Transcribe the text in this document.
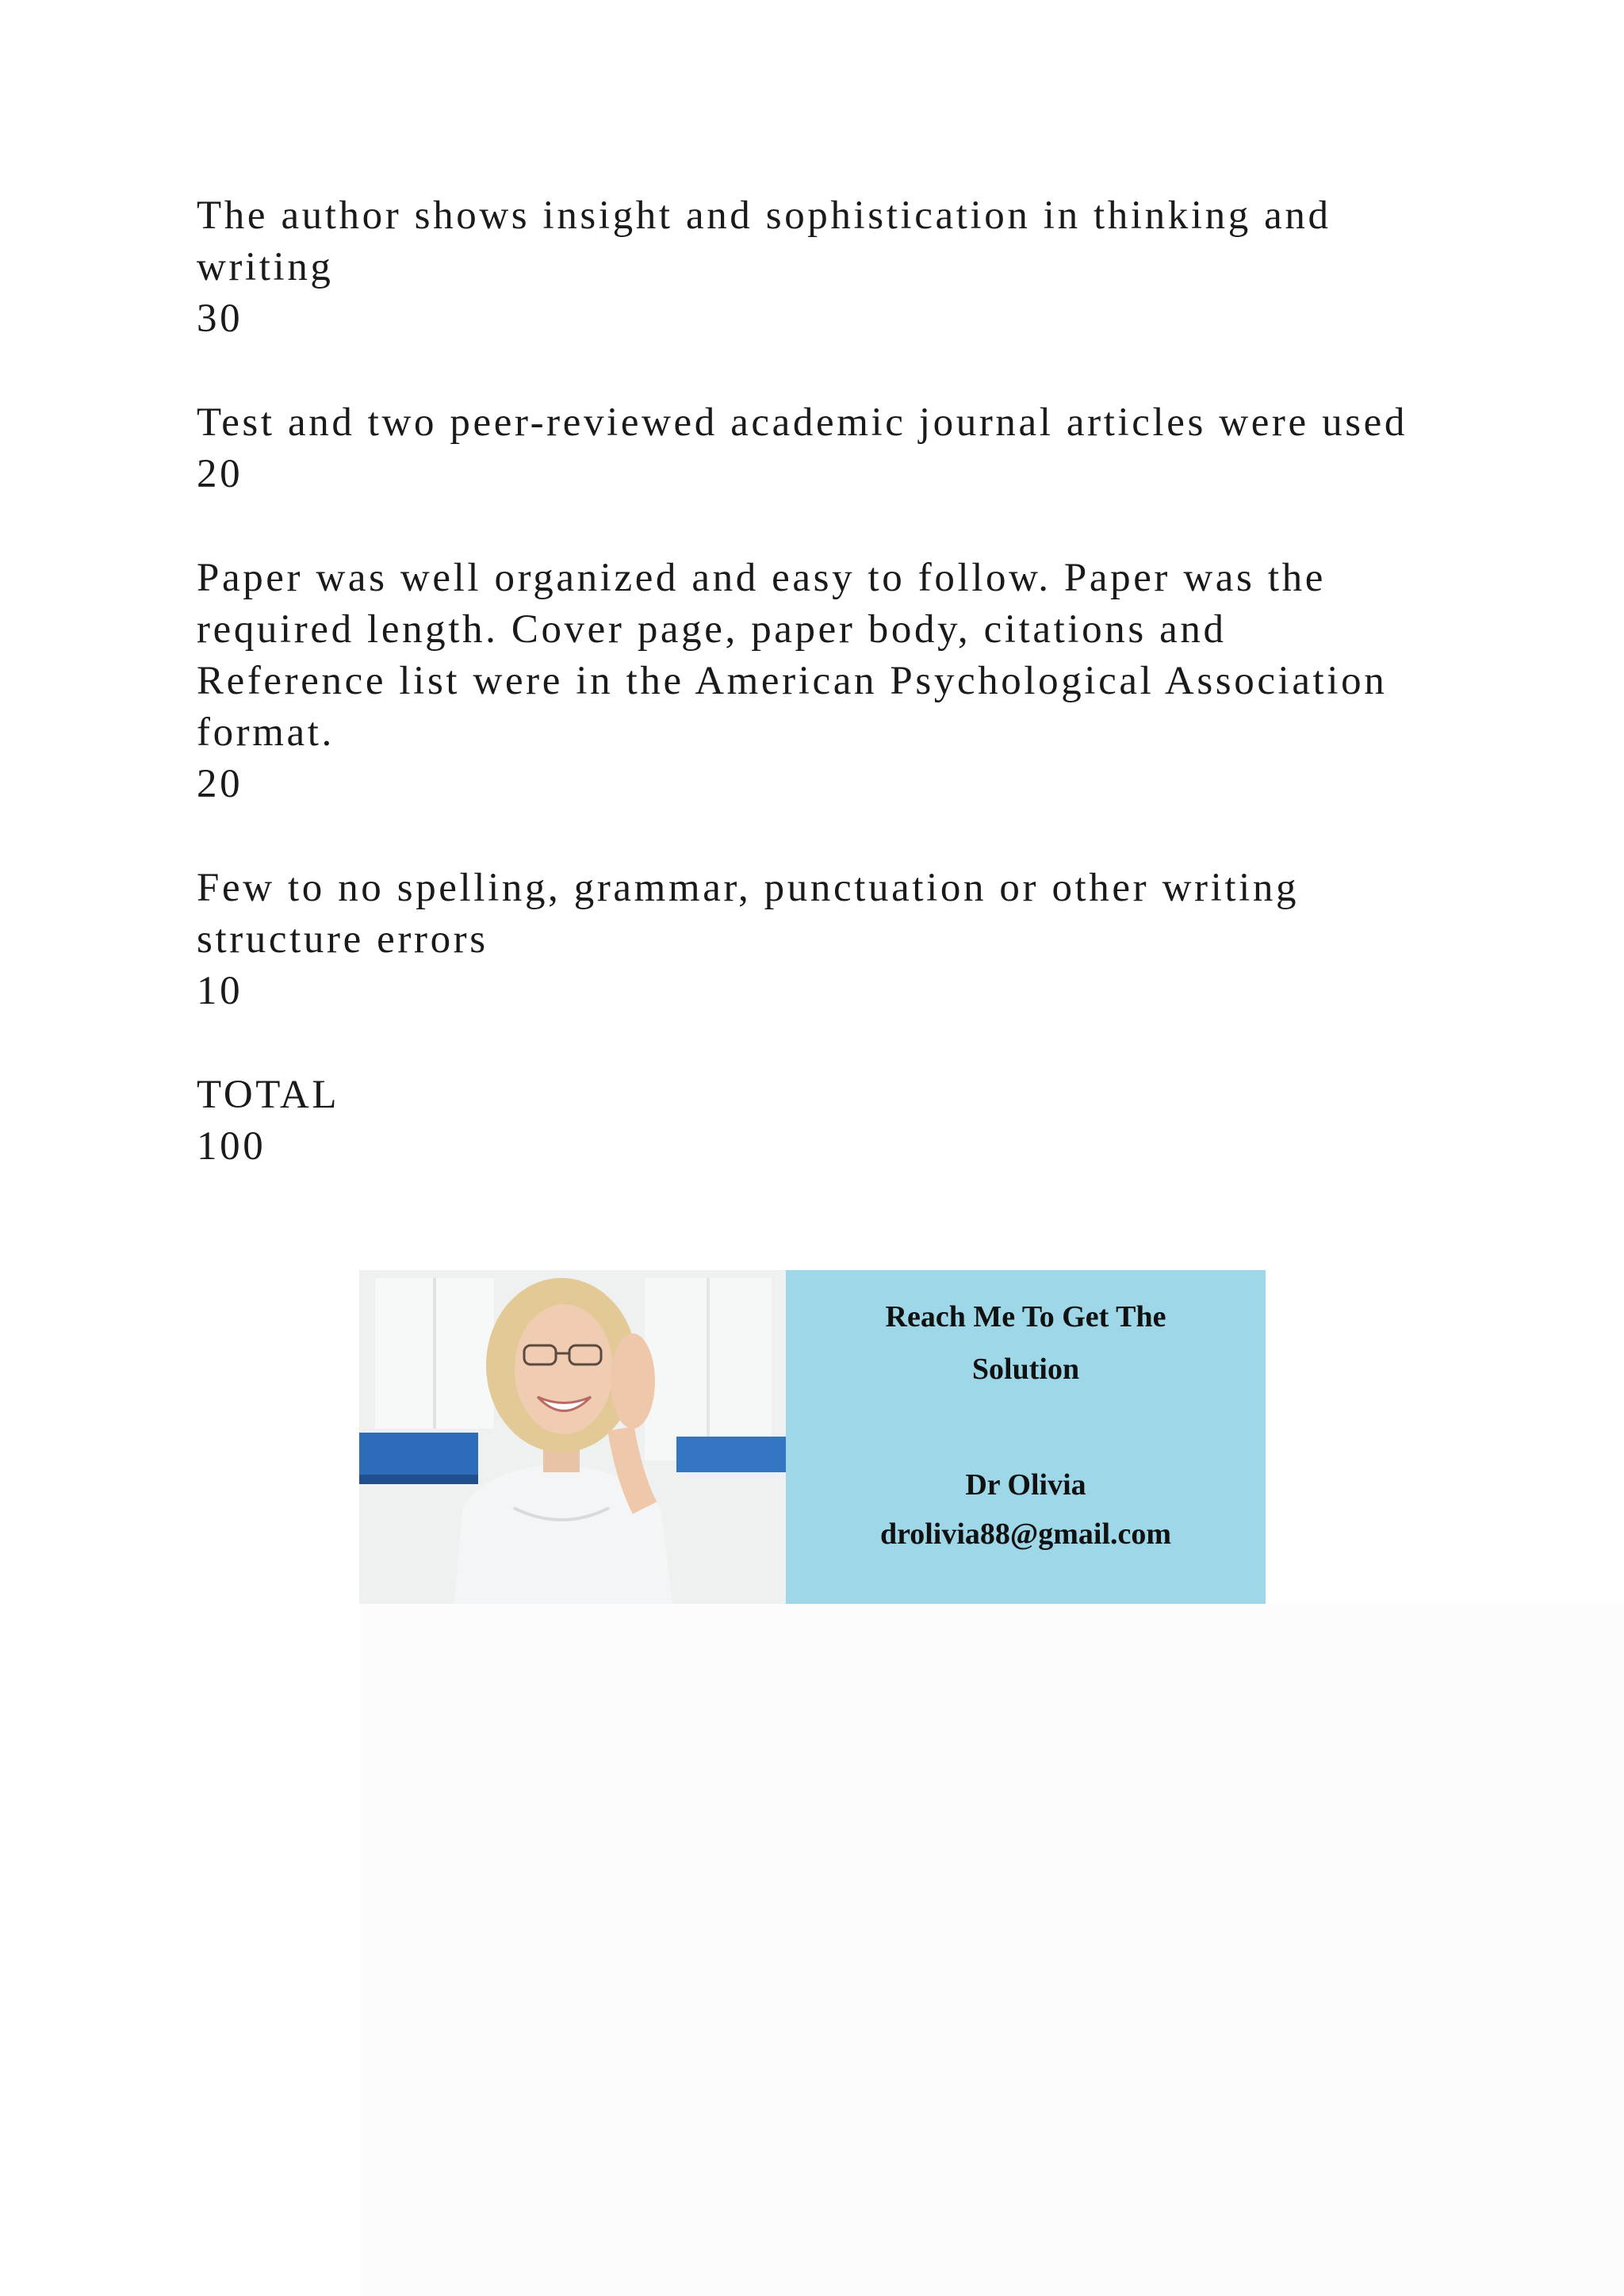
The author shows insight and sophistication in thinking and
writing
30
Test and two peer-reviewed academic journal articles were used
20
Paper was well organized and easy to follow. Paper was the
required length. Cover page, paper body, citations and
Reference list were in the American Psychological Association
format.
20
Few to no spelling, grammar, punctuation or other writing
structure errors
10
TOTAL
100
Reach Me To Get The
Solution
Dr Olivia
drolivia88@gmail.com
